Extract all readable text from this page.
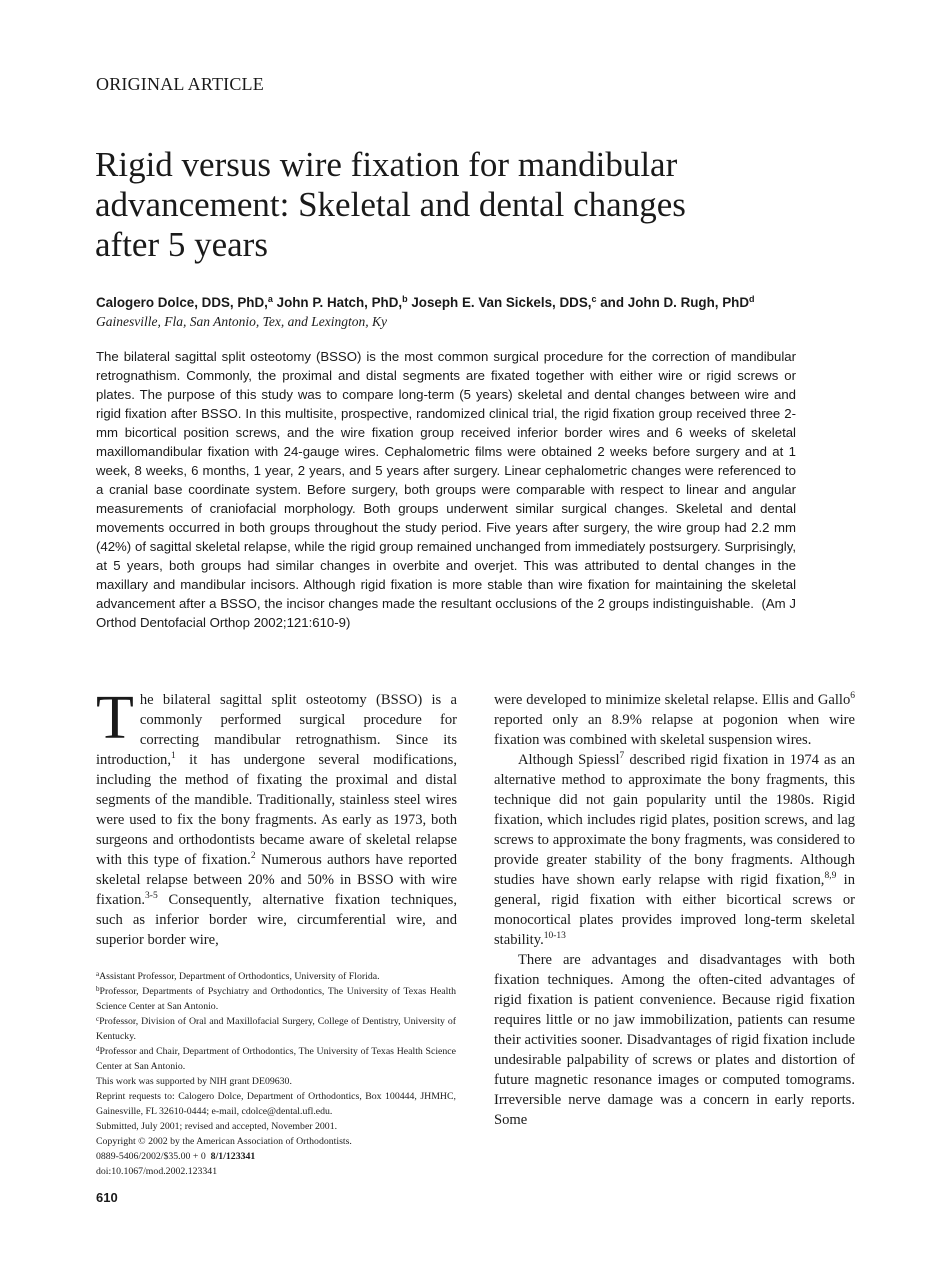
ORIGINAL ARTICLE
Rigid versus wire fixation for mandibular
advancement: Skeletal and dental changes
after 5 years
Calogero Dolce, DDS, PhD,$^a$ John P. Hatch, PhD,$^b$ Joseph E. Van Sickels, DDS,$^c$ and John D. Rugh, PhD$^d$
Gainesville, Fla, San Antonio, Tex, and Lexington, Ky

The bilateral sagittal split osteotomy (BSSO) is the most common surgical procedure for the correction of mandibular retrognathism. Commonly, the proximal and distal segments are fixated together with either wire or rigid screws or plates. The purpose of this study was to compare long-term (5 years) skeletal and dental changes between wire and rigid fixation after BSSO. In this multisite, prospective, randomized clinical trial, the rigid fixation group received three 2-mm bicortical position screws, and the wire fixation group received inferior border wires and 6 weeks of skeletal maxillomandibular fixation with 24-gauge wires. Cephalometric films were obtained 2 weeks before surgery and at 1 week, 8 weeks, 6 months, 1 year, 2 years, and 5 years after surgery. Linear cephalometric changes were referenced to a cranial base coordinate system. Before surgery, both groups were comparable with respect to linear and angular measurements of craniofacial morphology. Both groups underwent similar surgical changes. Skeletal and dental movements occurred in both groups throughout the study period. Five years after surgery, the wire group had 2.2 mm (42%) of sagittal skeletal relapse, while the rigid group remained unchanged from immediately postsurgery. Surprisingly, at 5 years, both groups had similar changes in overbite and overjet. This was attributed to dental changes in the maxillary and mandibular incisors. Although rigid fixation is more stable than wire fixation for maintaining the skeletal advancement after a BSSO, the incisor changes made the resultant occlusions of the 2 groups indistinguishable. (Am J Orthod Dentofacial Orthop 2002;121:610-9)

The bilateral sagittal split osteotomy (BSSO) is a commonly performed surgical procedure for correcting mandibular retrognathism. Since its introduction,$^1$ it has undergone several modifications, including the method of fixating the proximal and distal segments of the mandible. Traditionally, stainless steel wires were used to fix the bony fragments. As early as 1973, both surgeons and orthodontists became aware of skeletal relapse with this type of fixation.$^2$ Numerous authors have reported skeletal relapse between 20% and 50% in BSSO with wire fixation.$^{3-5}$ Consequently, alternative fixation techniques, such as inferior border wire, circumferential wire, and superior border wire,

were developed to minimize skeletal relapse. Ellis and Gallo$^6$ reported only an 8.9% relapse at pogonion when wire fixation was combined with skeletal suspension wires.

Although Spiessl$^7$ described rigid fixation in 1974 as an alternative method to approximate the bony fragments, this technique did not gain popularity until the 1980s. Rigid fixation, which includes rigid plates, position screws, and lag screws to approximate the bony fragments, was considered to provide greater stability of the bony fragments. Although studies have shown early relapse with rigid fixation,$^{8,9}$ in general, rigid fixation with either bicortical screws or monocortical plates provides improved long-term skeletal stability.$^{10-13}$

There are advantages and disadvantages with both fixation techniques. Among the often-cited advantages of rigid fixation is patient convenience. Because rigid fixation requires little or no jaw immobilization, patients can resume their activities sooner. Disadvantages of rigid fixation include undesirable palpability of screws or plates and distortion of future magnetic resonance images or computed tomograms. Irreversible nerve damage was a concern in early reports. Some

$^a$Assistant Professor, Department of Orthodontics, University of Florida.

$^b$Professor, Departments of Psychiatry and Orthodontics, The University of Texas Health Science Center at San Antonio.

$^c$Professor, Division of Oral and Maxillofacial Surgery, College of Dentistry, University of Kentucky.

$^d$Professor and Chair, Department of Orthodontics, The University of Texas Health Science Center at San Antonio.

This work was supported by NIH grant DE09630.

Reprint requests to: Calogero Dolce, Department of Orthodontics, Box 100444, JHMHC, Gainesville, FL 32610-0444; e-mail, cdolce@dental.ufl.edu.

Submitted, July 2001; revised and accepted, November 2001.

Copyright © 2002 by the American Association of Orthodontists.

0889-5406/2002/$35.00 + 0 8/1/123341

doi:10.1067/mod.2002.123341

610
